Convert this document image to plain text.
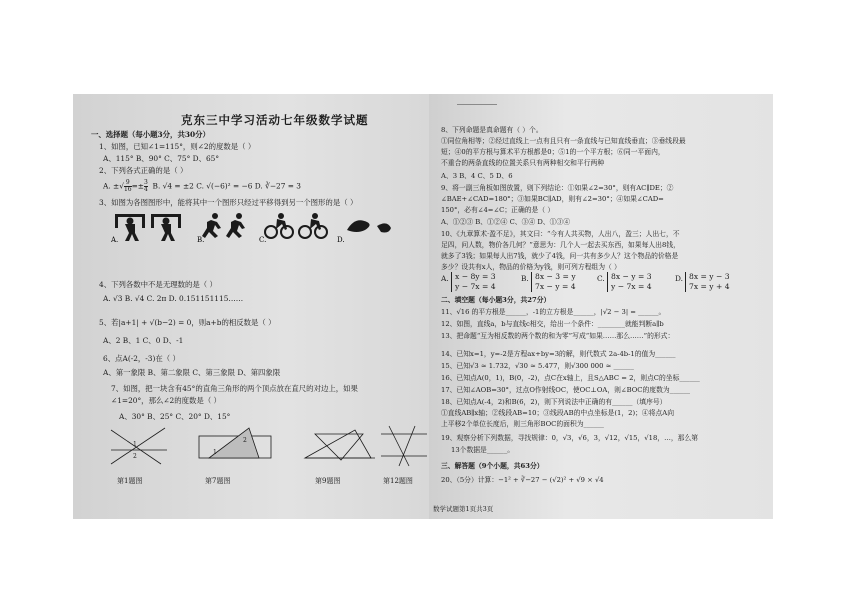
克东三中学习活动七年级数学试题
一、选择题（每小题3分，共30分）
1、如图，已知∠1=115°，则∠2的度数是（ ）
A、115° B、90° C、75° D、65°
2、下列各式正确的是（ ）
A. ±√ $\frac{9}{16} =\pm \frac{3}{4} B$. √4 = ±2 C. √(−6)² = −6 D. ∛−27 = 3
3、如图为各图图形中，能将其中一个图形只经过平移得到另一个图形的是（ ）
A.	B.	C.	D.
4、下列各数中不是无理数的是（ ）
A. √3 B. √4 C. 2π D. 0.151151115……
5、若|a+1| + √(b−2) = 0，则a+b的相反数是（ ）
A、2 B、1 C、0 D、-1
6、点A(-2，-3)在（ ）
A、第一象限 B、第二象限 C、第三象限 D、第四象限
7、如图，把一块含有45°的直角三角形的两个顶点放在直尺的对边上，如果
∠1=20°，那么∠2的度数是（ ）
A、30° B、25° C、20° D、15°
1
2
1
2
第1题图	第7题图	第9题图	第12题图
8、下列命题是真命题有（ ）个。
①同位角相等；②经过直线上一点有且只有一条直线与已知直线垂直；③垂线段最
短；④0的平方根与算术平方根都是0；⑤1的一个平方根；⑥同一平面内，
不重合的两条直线的位置关系只有两种相交和平行两种
A、3 B、4 C、5 D、6
9、将一副三角板如图放置，则下列结论：①如果∠2=30°，则有AC∥DE；②
∠BAE+∠CAD=180°；③如果BC∥AD，则有∠2=30°；④如果∠CAD=
150°，必有∠4=∠C；正确的是（ ）
A、①②③ B、①②④ C、③④ D、①③④
10、《九章算术·盈不足》，其文曰：“今有人共买物，人出八，盈三；人出七，不
足四，问人数，物价各几何？”意思为：几个人一起去买东西，如果每人出8钱，
就多了3钱；如果每人出7钱，就少了4钱，问一共有多少人？这个物品的价格是
多少？设共有x人，物品的价格为y钱，则可列方程组为（ ）
A. x − 8y = 3
y − 7x = 4
B. 8x − 3 = y
7x − y = 4
C. 8x − y = 3
y − 7x = 4
D. 8x = y − 3
7x = y + 4
二、填空题（每小题3分，共27分）
11、√16 的平方根是______，-1的立方根是______，|√2 − 3| = ______。
12、如图，直线a，b与直线c相交，给出一个条件：________就能判断a∥b
13、把命题“互为相反数的两个数的和为零”写成“如果……那么……”的形式：
14、已知x=1，y=-2是方程ax+by=3的解，则代数式 2a-4b-1的值为______
15、已知√3 ≈ 1.732，√30 ≈ 5.477，则√300 000 ≈ ______
16、已知点A(0，1)，B(0，-2)，点C在x轴上，且S△ABC = 2，则点C的坐标______
17、已知∠AOB=30°，过点O作射线OC，使OC⊥OA，则∠BOC的度数为______
18、已知点A(-4，2)和B(6，2)，则下列说法中正确的有______（填序号）
①直线AB∥x轴；②线段AB=10；③线段AB的中点坐标是(1，2)；④将点A向
上平移2个单位长度后，则三角形BOC的面积为______
19、观察分析下列数据，寻找规律：0，√3，√6，3，√12，√15，√18，…，那么第
13个数据是______。
三、解答题（9个小题，共63分）
20、（5分）计算：−1² + ∛−27 − (√2)² + √9 × √4
数学试题第1页共3页
